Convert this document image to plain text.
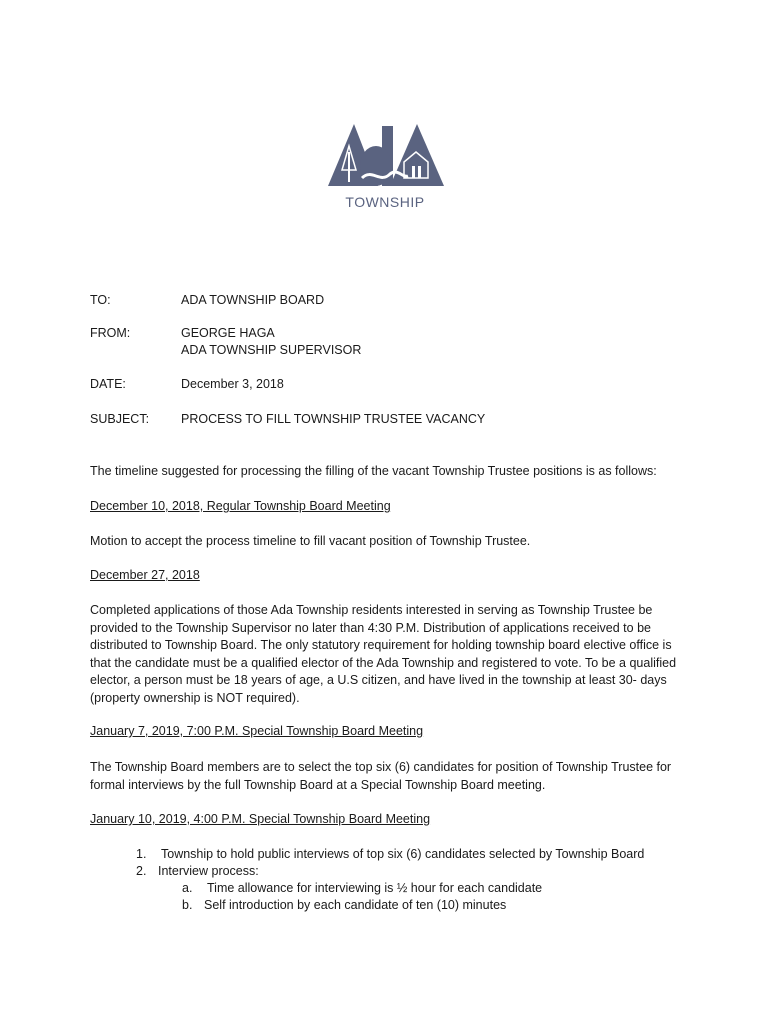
TOWNSHIP
TO:	ADA TOWNSHIP BOARD
FROM:	GEORGE HAGA
ADA TOWNSHIP SUPERVISOR
DATE:	December 3, 2018
SUBJECT:	PROCESS TO FILL TOWNSHIP TRUSTEE VACANCY

The timeline suggested for processing the filling of the vacant Township Trustee positions is as follows:

December 10, 2018, Regular Township Board Meeting

Motion to accept the process timeline to fill vacant position of Township Trustee.

December 27, 2018

Completed applications of those Ada Township residents interested in serving as Township Trustee be provided to the Township Supervisor no later than 4:30 P.M. Distribution of applications received to be distributed to Township Board. The only statutory requirement for holding township board elective office is that the candidate must be a qualified elector of the Ada Township and registered to vote. To be a qualified elector, a person must be 18 years of age, a U.S citizen, and have lived in the township at least 30- days (property ownership is NOT required).

January 7, 2019, 7:00 P.M. Special Township Board Meeting

The Township Board members are to select the top six (6) candidates for position of Township Trustee for formal interviews by the full Township Board at a Special Township Board meeting.

January 10, 2019, 4:00 P.M. Special Township Board Meeting
1. Township to hold public interviews of top six (6) candidates selected by Township Board
2. Interview process:
a. Time allowance for interviewing is ½ hour for each candidate
b. Self introduction by each candidate of ten (10) minutes
